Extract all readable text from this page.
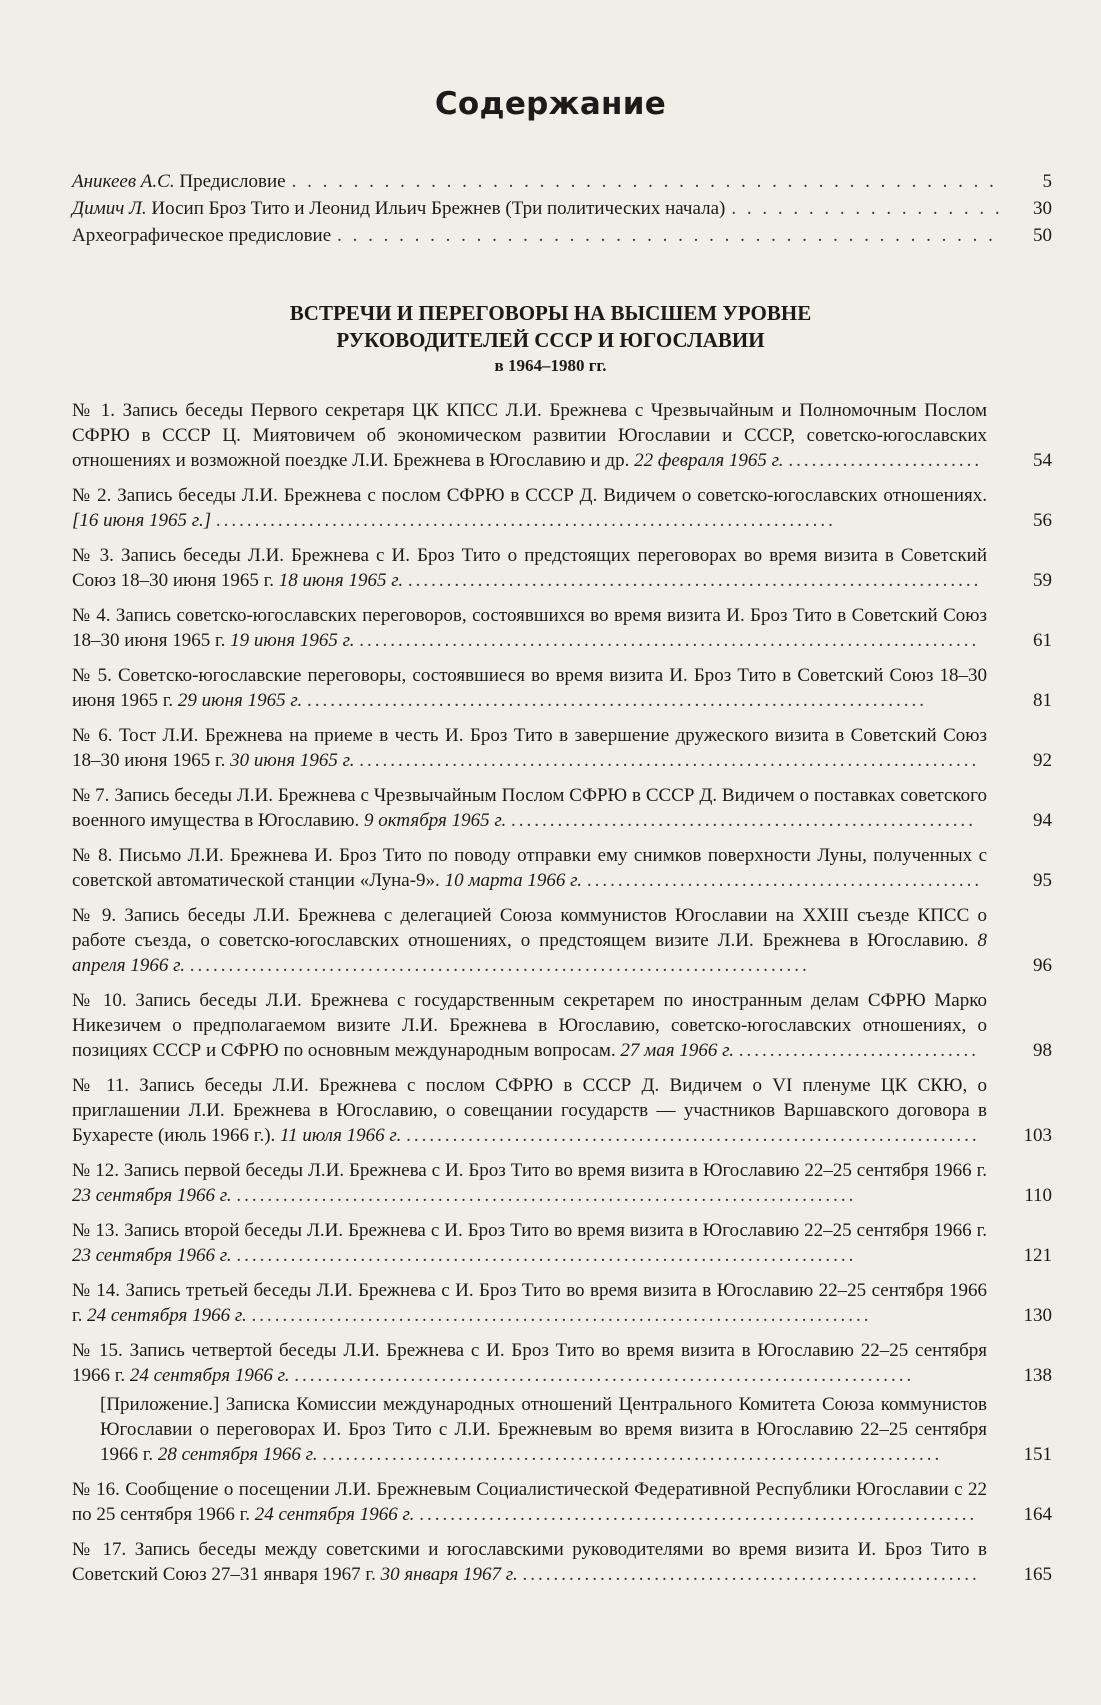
Содержание
Аникеев А.С. Предисловие . . .	5
Димич Л. Иосип Броз Тито и Леонид Ильич Брежнев (Три политических начала) . . .	30
Археографическое предисловие . . .	50
ВСТРЕЧИ И ПЕРЕГОВОРЫ НА ВЫСШЕМ УРОВНЕ
РУКОВОДИТЕЛЕЙ СССР И ЮГОСЛАВИИ
в 1964–1980 гг.
№ 1. Запись беседы Первого секретаря ЦК КПСС Л.И. Брежнева с Чрезвычайным и Полномочным Послом СФРЮ в СССР Ц. Миятовичем об экономическом развитии Югославии и СССР, советско-югославских отношениях и возможной поездке Л.И. Брежнева в Югославию и др. 22 февраля 1965 г. .........................	54
№ 2. Запись беседы Л.И. Брежнева с послом СФРЮ в СССР Д. Видичем о советско-югославских отношениях. [16 июня 1965 г.] ................................................................................	56
№ 3. Запись беседы Л.И. Брежнева с И. Броз Тито о предстоящих переговорах во время визита в Советский Союз 18–30 июня 1965 г. 18 июня 1965 г. ..........................................................................	59
№ 4. Запись советско-югославских переговоров, состоявшихся во время визита И. Броз Тито в Советский Союз 18–30 июня 1965 г. 19 июня 1965 г. ................................................................................	61
№ 5. Советско-югославские переговоры, состоявшиеся во время визита И. Броз Тито в Советский Союз 18–30 июня 1965 г. 29 июня 1965 г. ................................................................................	81
№ 6. Тост Л.И. Брежнева на приеме в честь И. Броз Тито в завершение дружеского визита в Советский Союз 18–30 июня 1965 г. 30 июня 1965 г. ................................................................................	92
№ 7. Запись беседы Л.И. Брежнева с Чрезвычайным Послом СФРЮ в СССР Д. Видичем о поставках советского военного имущества в Югославию. 9 октября 1965 г. ............................................................	94
№ 8. Письмо Л.И. Брежнева И. Броз Тито по поводу отправки ему снимков поверхности Луны, полученных с советской автоматической станции «Луна-9». 10 марта 1966 г. ...................................................	95
№ 9. Запись беседы Л.И. Брежнева с делегацией Союза коммунистов Югославии на XXIII съезде КПСС о работе съезда, о советско-югославских отношениях, о предстоящем визите Л.И. Брежнева в Югославию. 8 апреля 1966 г. ................................................................................	96
№ 10. Запись беседы Л.И. Брежнева с государственным секретарем по иностранным делам СФРЮ Марко Никезичем о предполагаемом визите Л.И. Брежнева в Югославию, советско-югославских отношениях, о позициях СССР и СФРЮ по основным международным вопросам. 27 мая 1966 г. ...............................	98
№ 11. Запись беседы Л.И. Брежнева с послом СФРЮ в СССР Д. Видичем о VI пленуме ЦК СКЮ, о приглашении Л.И. Брежнева в Югославию, о совещании государств — участников Варшавского договора в Бухаресте (июль 1966 г.). 11 июля 1966 г. ..........................................................................	103
№ 12. Запись первой беседы Л.И. Брежнева с И. Броз Тито во время визита в Югославию 22–25 сентября 1966 г. 23 сентября 1966 г. ................................................................................	110
№ 13. Запись второй беседы Л.И. Брежнева с И. Броз Тито во время визита в Югославию 22–25 сентября 1966 г. 23 сентября 1966 г. ................................................................................	121
№ 14. Запись третьей беседы Л.И. Брежнева с И. Броз Тито во время визита в Югославию 22–25 сентября 1966 г. 24 сентября 1966 г. ................................................................................	130
№ 15. Запись четвертой беседы Л.И. Брежнева с И. Броз Тито во время визита в Югославию 22–25 сентября 1966 г. 24 сентября 1966 г. ................................................................................	138
[Приложение.] Записка Комиссии международных отношений Центрального Комитета Союза коммунистов Югославии о переговорах И. Броз Тито с Л.И. Брежневым во время визита в Югославию 22–25 сентября 1966 г. 28 сентября 1966 г. ................................................................................	151
№ 16. Сообщение о посещении Л.И. Брежневым Социалистической Федеративной Республики Югославии с 22 по 25 сентября 1966 г. 24 сентября 1966 г. ........................................................................	164
№ 17. Запись беседы между советскими и югославскими руководителями во время визита И. Броз Тито в Советский Союз 27–31 января 1967 г. 30 января 1967 г. ...........................................................	165
